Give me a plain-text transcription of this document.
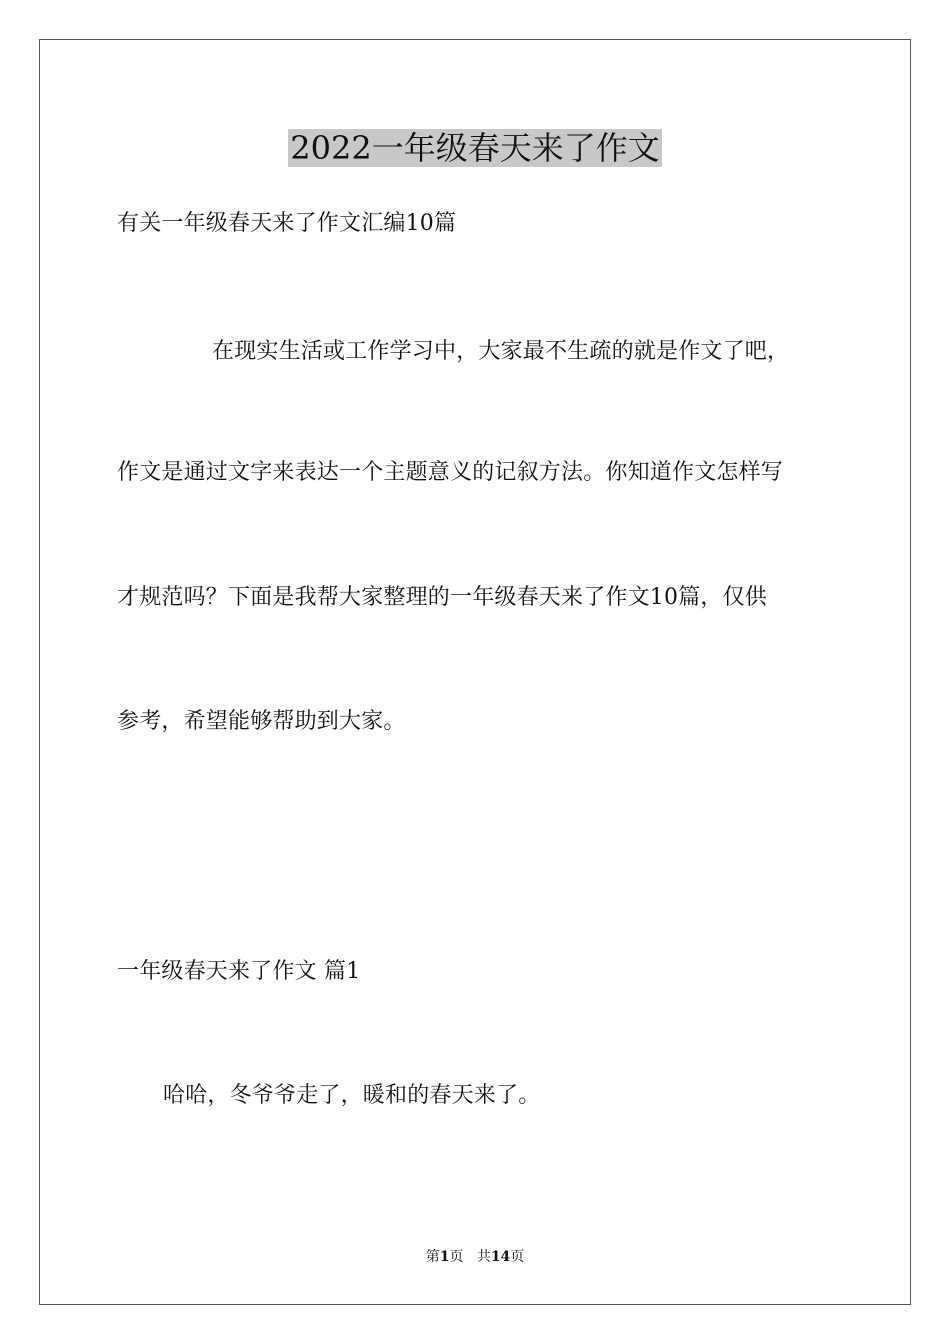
2022一年级春天来了作文
有关一年级春天来了作文汇编10篇
在现实生活或工作学习中，大家最不生疏的就是作文了吧，
作文是通过文字来表达一个主题意义的记叙方法。你知道作文怎样写
才规范吗？下面是我帮大家整理的一年级春天来了作文10篇，仅供
参考，希望能够帮助到大家。
一年级春天来了作文 篇1
哈哈，冬爷爷走了，暖和的春天来了。
第1页 共14页
